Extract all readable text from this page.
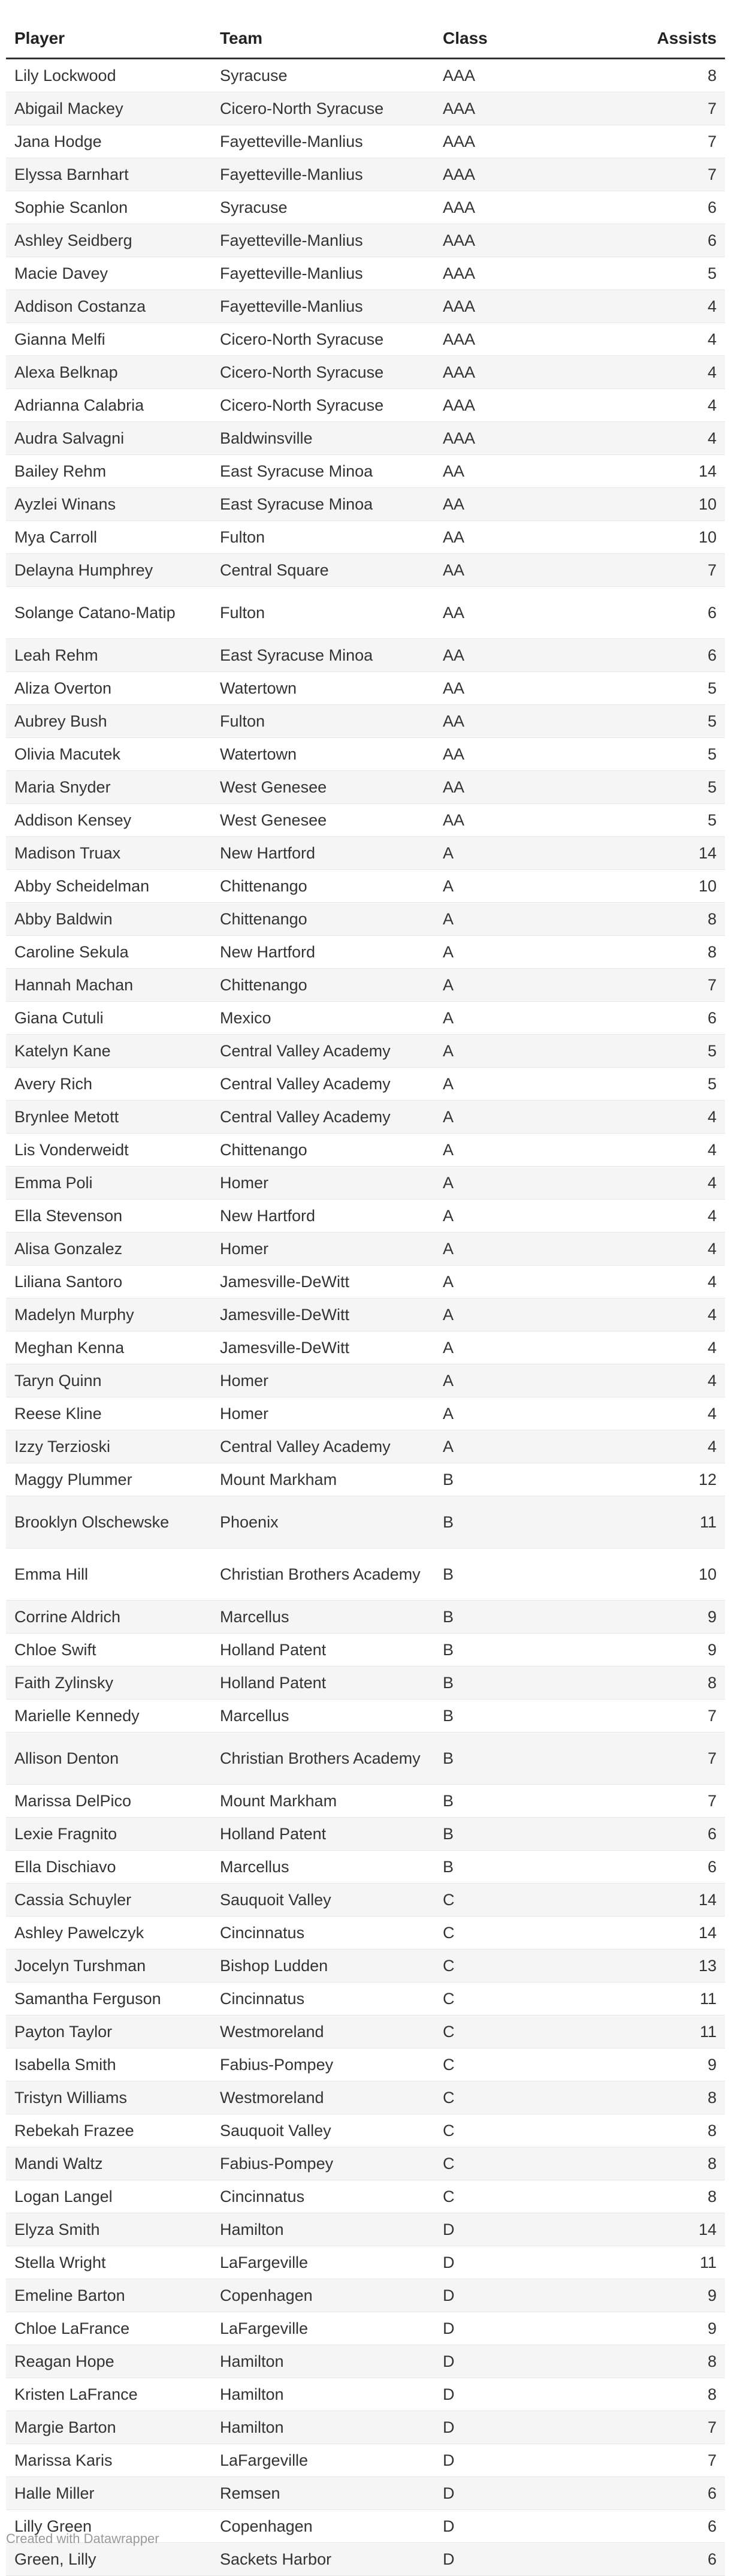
Player	Team	Class	Assists
Lily Lockwood	Syracuse	AAA	8
Abigail Mackey	Cicero-North Syracuse	AAA	7
Jana Hodge	Fayetteville-Manlius	AAA	7
Elyssa Barnhart	Fayetteville-Manlius	AAA	7
Sophie Scanlon	Syracuse	AAA	6
Ashley Seidberg	Fayetteville-Manlius	AAA	6
Macie Davey	Fayetteville-Manlius	AAA	5
Addison Costanza	Fayetteville-Manlius	AAA	4
Gianna Melfi	Cicero-North Syracuse	AAA	4
Alexa Belknap	Cicero-North Syracuse	AAA	4
Adrianna Calabria	Cicero-North Syracuse	AAA	4
Audra Salvagni	Baldwinsville	AAA	4
Bailey Rehm	East Syracuse Minoa	AA	14
Ayzlei Winans	East Syracuse Minoa	AA	10
Mya Carroll	Fulton	AA	10
Delayna Humphrey	Central Square	AA	7
Solange Catano-Matip	Fulton	AA	6
Leah Rehm	East Syracuse Minoa	AA	6
Aliza Overton	Watertown	AA	5
Aubrey Bush	Fulton	AA	5
Olivia Macutek	Watertown	AA	5
Maria Snyder	West Genesee	AA	5
Addison Kensey	West Genesee	AA	5
Madison Truax	New Hartford	A	14
Abby Scheidelman	Chittenango	A	10
Abby Baldwin	Chittenango	A	8
Caroline Sekula	New Hartford	A	8
Hannah Machan	Chittenango	A	7
Giana Cutuli	Mexico	A	6
Katelyn Kane	Central Valley Academy	A	5
Avery Rich	Central Valley Academy	A	5
Brynlee Metott	Central Valley Academy	A	4
Lis Vonderweidt	Chittenango	A	4
Emma Poli	Homer	A	4
Ella Stevenson	New Hartford	A	4
Alisa Gonzalez	Homer	A	4
Liliana Santoro	Jamesville-DeWitt	A	4
Madelyn Murphy	Jamesville-DeWitt	A	4
Meghan Kenna	Jamesville-DeWitt	A	4
Taryn Quinn	Homer	A	4
Reese Kline	Homer	A	4
Izzy Terzioski	Central Valley Academy	A	4
Maggy Plummer	Mount Markham	B	12
Brooklyn Olschewske	Phoenix	B	11
Emma Hill	Christian Brothers Academy	B	10
Corrine Aldrich	Marcellus	B	9
Chloe Swift	Holland Patent	B	9
Faith Zylinsky	Holland Patent	B	8
Marielle Kennedy	Marcellus	B	7
Allison Denton	Christian Brothers Academy	B	7
Marissa DelPico	Mount Markham	B	7
Lexie Fragnito	Holland Patent	B	6
Ella Dischiavo	Marcellus	B	6
Cassia Schuyler	Sauquoit Valley	C	14
Ashley Pawelczyk	Cincinnatus	C	14
Jocelyn Turshman	Bishop Ludden	C	13
Samantha Ferguson	Cincinnatus	C	11
Payton Taylor	Westmoreland	C	11
Isabella Smith	Fabius-Pompey	C	9
Tristyn Williams	Westmoreland	C	8
Rebekah Frazee	Sauquoit Valley	C	8
Mandi Waltz	Fabius-Pompey	C	8
Logan Langel	Cincinnatus	C	8
Elyza Smith	Hamilton	D	14
Stella Wright	LaFargeville	D	11
Emeline Barton	Copenhagen	D	9
Chloe LaFrance	LaFargeville	D	9
Reagan Hope	Hamilton	D	8
Kristen LaFrance	Hamilton	D	8
Margie Barton	Hamilton	D	7
Marissa Karis	LaFargeville	D	7
Halle Miller	Remsen	D	6
Lilly Green	Copenhagen	D	6
Green, Lilly	Sackets Harbor	D	6
Created with Datawrapper
